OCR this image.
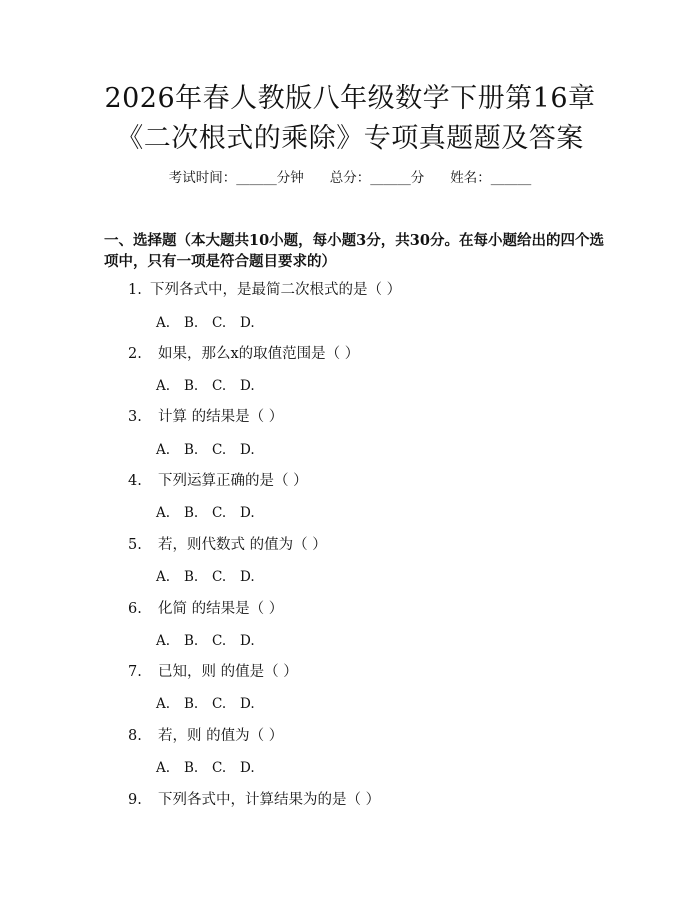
2026年春人教版八年级数学下册第16章
《二次根式的乘除》专项真题题及答案
考试时间：______分钟 总分：______分 姓名：______
一、选择题（本大题共10小题，每小题3分，共30分。在每小题给出的四个选项中，只有一项是符合题目要求的）
1. 下列各式中，是最简二次根式的是（ ）
A. B. C. D.
2. 如果，那么x的取值范围是（ ）
A. B. C. D.
3. 计算 的结果是（ ）
A. B. C. D.
4. 下列运算正确的是（ ）
A. B. C. D.
5. 若，则代数式 的值为（ ）
A. B. C. D.
6. 化简 的结果是（ ）
A. B. C. D.
7. 已知，则 的值是（ ）
A. B. C. D.
8. 若，则 的值为（ ）
A. B. C. D.
9. 下列各式中，计算结果为的是（ ）
